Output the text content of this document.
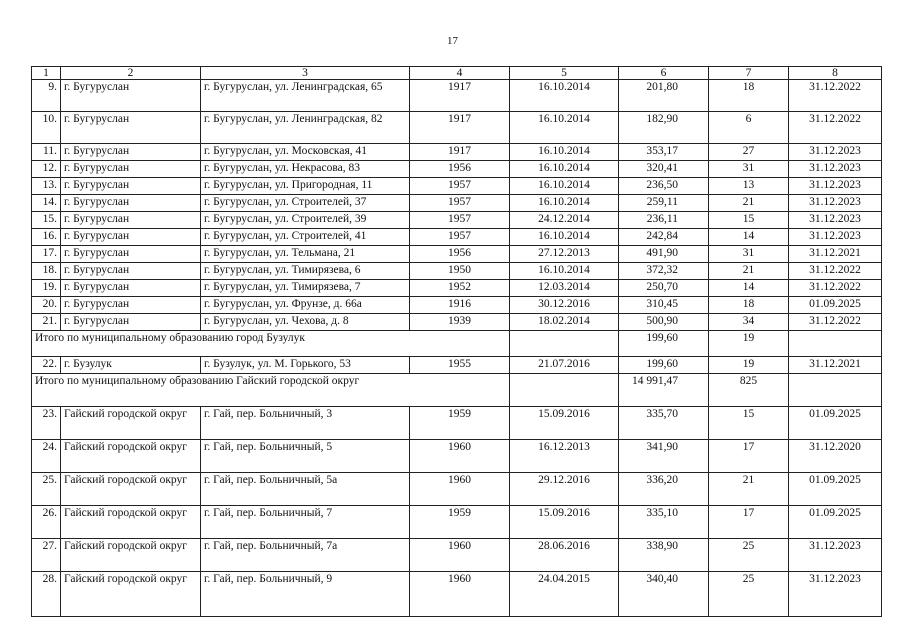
17
1	2	3	4	5	6	7	8
9.	г. Бугуруслан	г. Бугуруслан, ул. Ленинградская, 65	1917	16.10.2014	201,80	18	31.12.2022
10.	г. Бугуруслан	г. Бугуруслан, ул. Ленинградская, 82	1917	16.10.2014	182,90	6	31.12.2022
11.	г. Бугуруслан	г. Бугуруслан, ул. Московская, 41	1917	16.10.2014	353,17	27	31.12.2023
12.	г. Бугуруслан	г. Бугуруслан, ул. Некрасова, 83	1956	16.10.2014	320,41	31	31.12.2023
13.	г. Бугуруслан	г. Бугуруслан, ул. Пригородная, 11	1957	16.10.2014	236,50	13	31.12.2023
14.	г. Бугуруслан	г. Бугуруслан, ул. Строителей, 37	1957	16.10.2014	259,11	21	31.12.2023
15.	г. Бугуруслан	г. Бугуруслан, ул. Строителей, 39	1957	24.12.2014	236,11	15	31.12.2023
16.	г. Бугуруслан	г. Бугуруслан, ул. Строителей, 41	1957	16.10.2014	242,84	14	31.12.2023
17.	г. Бугуруслан	г. Бугуруслан, ул. Тельмана, 21	1956	27.12.2013	491,90	31	31.12.2021
18.	г. Бугуруслан	г. Бугуруслан, ул. Тимирязева, 6	1950	16.10.2014	372,32	21	31.12.2022
19.	г. Бугуруслан	г. Бугуруслан, ул. Тимирязева, 7	1952	12.03.2014	250,70	14	31.12.2022
20.	г. Бугуруслан	г. Бугуруслан, ул. Фрунзе, д. 66а	1916	30.12.2016	310,45	18	01.09.2025
21.	г. Бугуруслан	г. Бугуруслан, ул. Чехова, д. 8	1939	18.02.2014	500,90	34	31.12.2022
Итого по муниципальному образованию город Бузулук					199,60	19	
22.	г. Бузулук	г. Бузулук, ул. М. Горького, 53	1955	21.07.2016	199,60	19	31.12.2021
Итого по муниципальному образованию Гайский городской округ					14 991,47	825	
23.	Гайский городской округ	г. Гай, пер. Больничный, 3	1959	15.09.2016	335,70	15	01.09.2025
24.	Гайский городской округ	г. Гай, пер. Больничный, 5	1960	16.12.2013	341,90	17	31.12.2020
25.	Гайский городской округ	г. Гай, пер. Больничный, 5а	1960	29.12.2016	336,20	21	01.09.2025
26.	Гайский городской округ	г. Гай, пер. Больничный, 7	1959	15.09.2016	335,10	17	01.09.2025
27.	Гайский городской округ	г. Гай, пер. Больничный, 7а	1960	28.06.2016	338,90	25	31.12.2023
28.	Гайский городской округ	г. Гай, пер. Больничный, 9	1960	24.04.2015	340,40	25	31.12.2023
